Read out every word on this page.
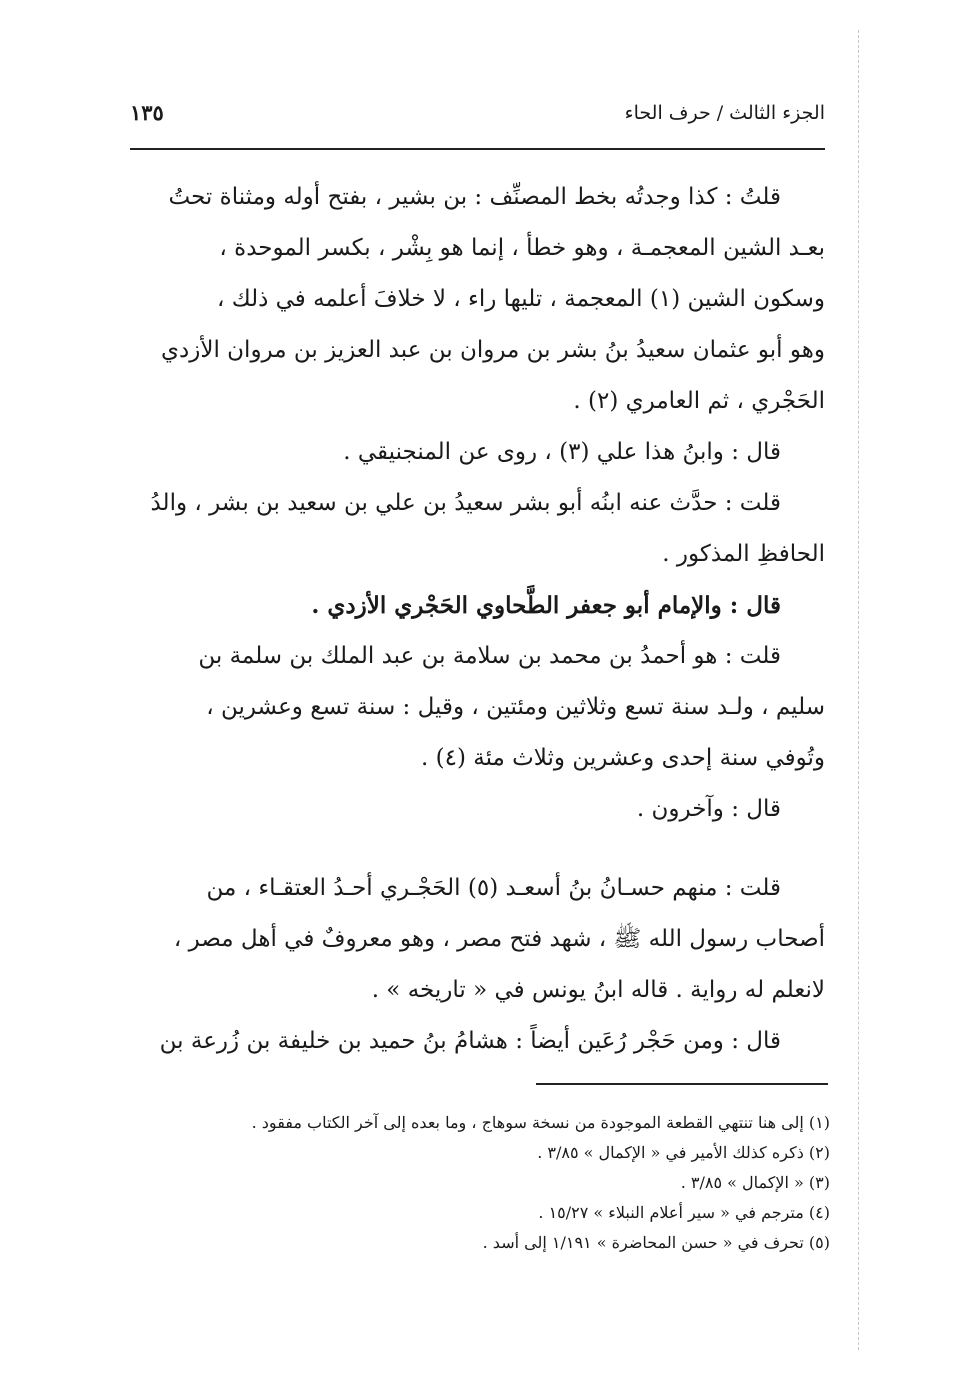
الجزء الثالث / حرف الحاء
١٣٥
قلتُ : كذا وجدتُه بخط المصنِّف : بن بشير ، بفتح أوله ومثناة تحتُ
بعـد الشين المعجمـة ، وهو خطأ ، إنما هو بِشْر ، بكسر الموحدة ،
وسكون الشين (١) المعجمة ، تليها راء ، لا خلافَ أعلمه في ذلك ،
وهو أبو عثمان سعيدُ بنُ بشر بن مروان بن عبد العزيز بن مروان الأزدي
الحَجْري ، ثم العامري (٢) .
قال : وابنُ هذا علي (٣) ، روى عن المنجنيقي .
قلت : حدَّث عنه ابنُه أبو بشر سعيدُ بن علي بن سعيد بن بشر ، والدُ
الحافظِ المذكور .
قال : والإمام أبو جعفر الطَّحاوي الحَجْري الأزدي .
قلت : هو أحمدُ بن محمد بن سلامة بن عبد الملك بن سلمة بن
سليم ، ولـد سنة تسع وثلاثين ومئتين ، وقيل : سنة تسع وعشرين ،
وتُوفي سنة إحدى وعشرين وثلاث مئة (٤) .
قال : وآخرون .
قلت : منهم حسـانُ بنُ أسعـد (٥) الحَجْـري أحـدُ العتقـاء ، من
أصحاب رسول الله ﷺ ، شهد فتح مصر ، وهو معروفٌ في أهل مصر ،
لانعلم له رواية . قاله ابنُ يونس في « تاريخه » .
قال : ومن حَجْر رُعَين أيضاً : هشامُ بنُ حميد بن خليفة بن زُرعة بن
(١) إلى هنا تنتهي القطعة الموجودة من نسخة سوهاج ، وما بعده إلى آخر الكتاب مفقود .
(٢) ذكره كذلك الأمير في « الإكمال » ٣/٨٥ .
(٣) « الإكمال » ٣/٨٥ .
(٤) مترجم في « سير أعلام النبلاء » ١٥/٢٧ .
(٥) تحرف في « حسن المحاضرة » ١/١٩١ إلى أسد .
